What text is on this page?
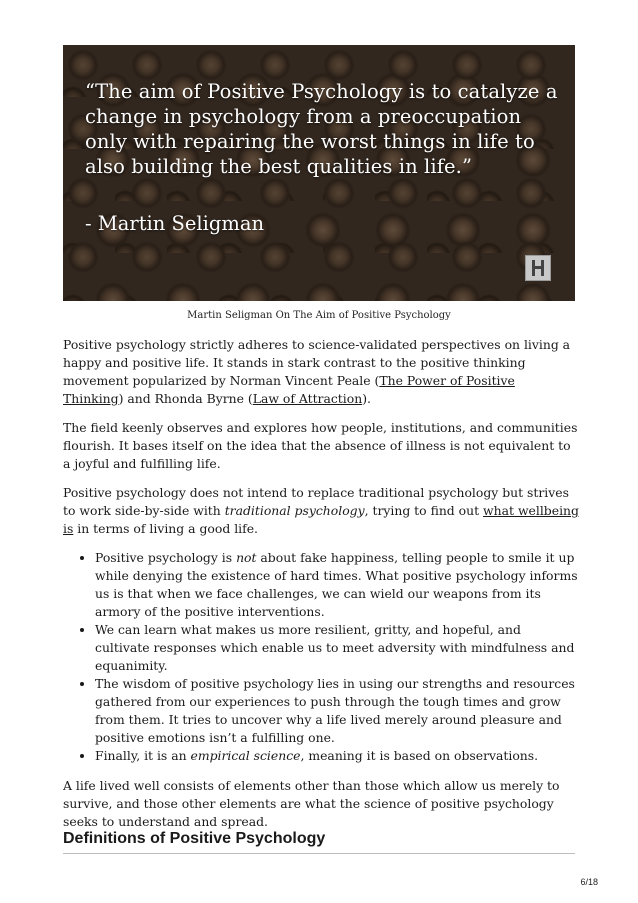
“The aim of Positive Psychology is to catalyze a change in psychology from a preoccupation only with repairing the worst things in life to also building the best qualities in life.”

- Martin Seligman

Martin Seligman On The Aim of Positive Psychology

Positive psychology strictly adheres to science-validated perspectives on living a happy and positive life. It stands in stark contrast to the positive thinking movement popularized by Norman Vincent Peale (The Power of Positive Thinking) and Rhonda Byrne (Law of Attraction).

The field keenly observes and explores how people, institutions, and communities flourish. It bases itself on the idea that the absence of illness is not equivalent to a joyful and fulfilling life.

Positive psychology does not intend to replace traditional psychology but strives to work side-by-side with traditional psychology, trying to find out what wellbeing is in terms of living a good life.

• Positive psychology is not about fake happiness, telling people to smile it up while denying the existence of hard times. What positive psychology informs us is that when we face challenges, we can wield our weapons from its armory of the positive interventions.
• We can learn what makes us more resilient, gritty, and hopeful, and cultivate responses which enable us to meet adversity with mindfulness and equanimity.
• The wisdom of positive psychology lies in using our strengths and resources gathered from our experiences to push through the tough times and grow from them. It tries to uncover why a life lived merely around pleasure and positive emotions isn’t a fulfilling one.
• Finally, it is an empirical science, meaning it is based on observations.

A life lived well consists of elements other than those which allow us merely to survive, and those other elements are what the science of positive psychology seeks to understand and spread.

Definitions of Positive Psychology

6/18
